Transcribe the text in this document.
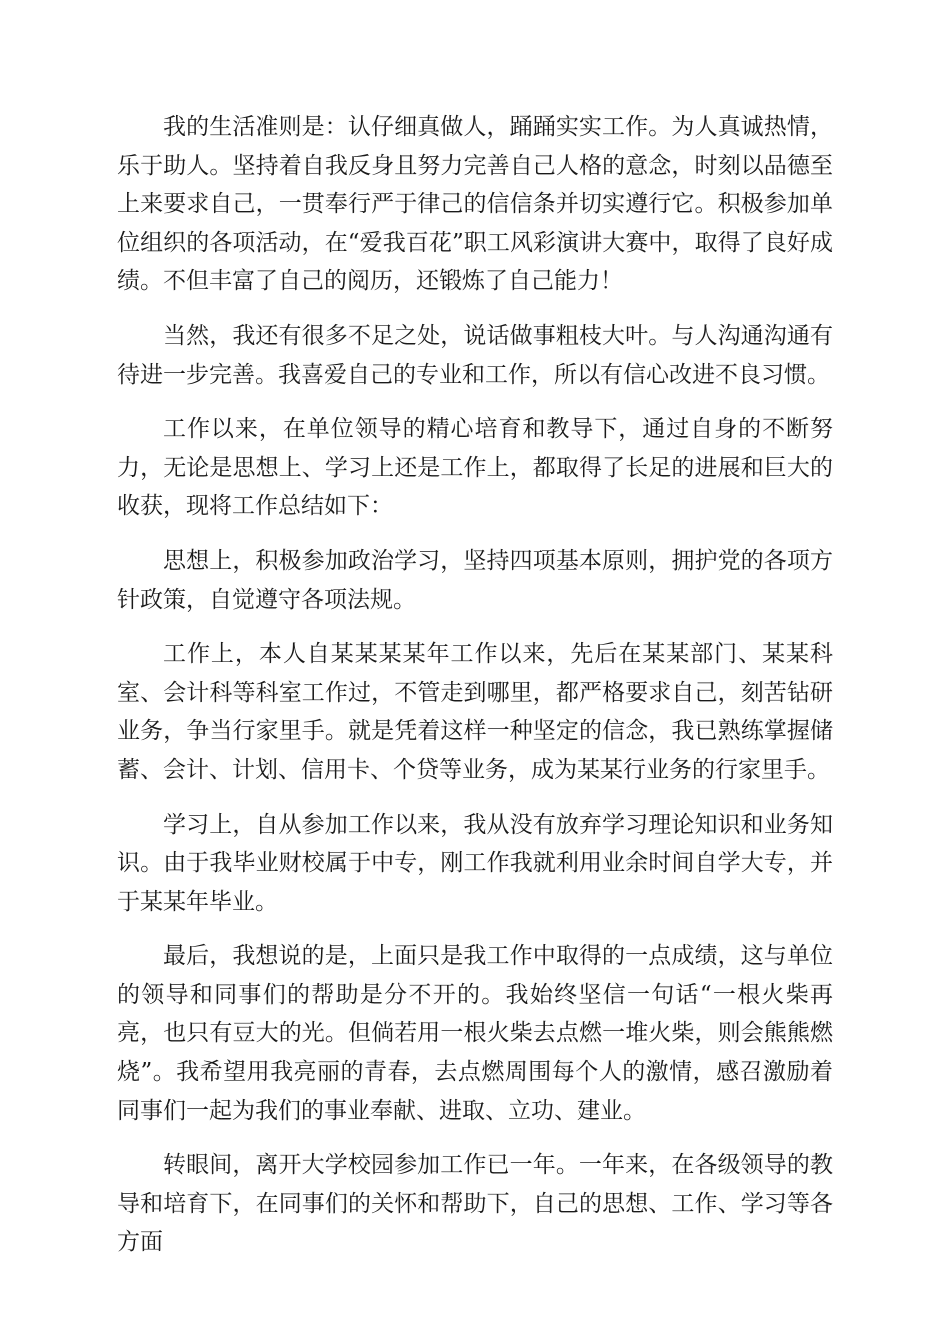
我的生活准则是：认仔细真做人，踊踊实实工作。为人真诚热情，乐于助人。坚持着自我反身且努力完善自己人格的意念，时刻以品德至上来要求自己，一贯奉行严于律己的信信条并切实遵行它。积极参加单位组织的各项活动，在“爱我百花”职工风彩演讲大赛中，取得了良好成绩。不但丰富了自己的阅历，还锻炼了自己能力！

当然，我还有很多不足之处，说话做事粗枝大叶。与人沟通沟通有待进一步完善。我喜爱自己的专业和工作，所以有信心改进不良习惯。

工作以来，在单位领导的精心培育和教导下，通过自身的不断努力，无论是思想上、学习上还是工作上，都取得了长足的进展和巨大的收获，现将工作总结如下：

思想上，积极参加政治学习，坚持四项基本原则，拥护党的各项方针政策，自觉遵守各项法规。

工作上，本人自某某某某年工作以来，先后在某某部门、某某科室、会计科等科室工作过，不管走到哪里，都严格要求自己，刻苦钻研业务，争当行家里手。就是凭着这样一种坚定的信念，我已熟练掌握储蓄、会计、计划、信用卡、个贷等业务，成为某某行业务的行家里手。

学习上，自从参加工作以来，我从没有放弃学习理论知识和业务知识。由于我毕业财校属于中专，刚工作我就利用业余时间自学大专，并于某某年毕业。

最后，我想说的是，上面只是我工作中取得的一点成绩，这与单位的领导和同事们的帮助是分不开的。我始终坚信一句话“一根火柴再亮，也只有豆大的光。但倘若用一根火柴去点燃一堆火柴，则会熊熊燃烧”。我希望用我亮丽的青春，去点燃周围每个人的激情，感召激励着同事们一起为我们的事业奉献、进取、立功、建业。

转眼间，离开大学校园参加工作已一年。一年来，在各级领导的教导和培育下，在同事们的关怀和帮助下，自己的思想、工作、学习等各方面
